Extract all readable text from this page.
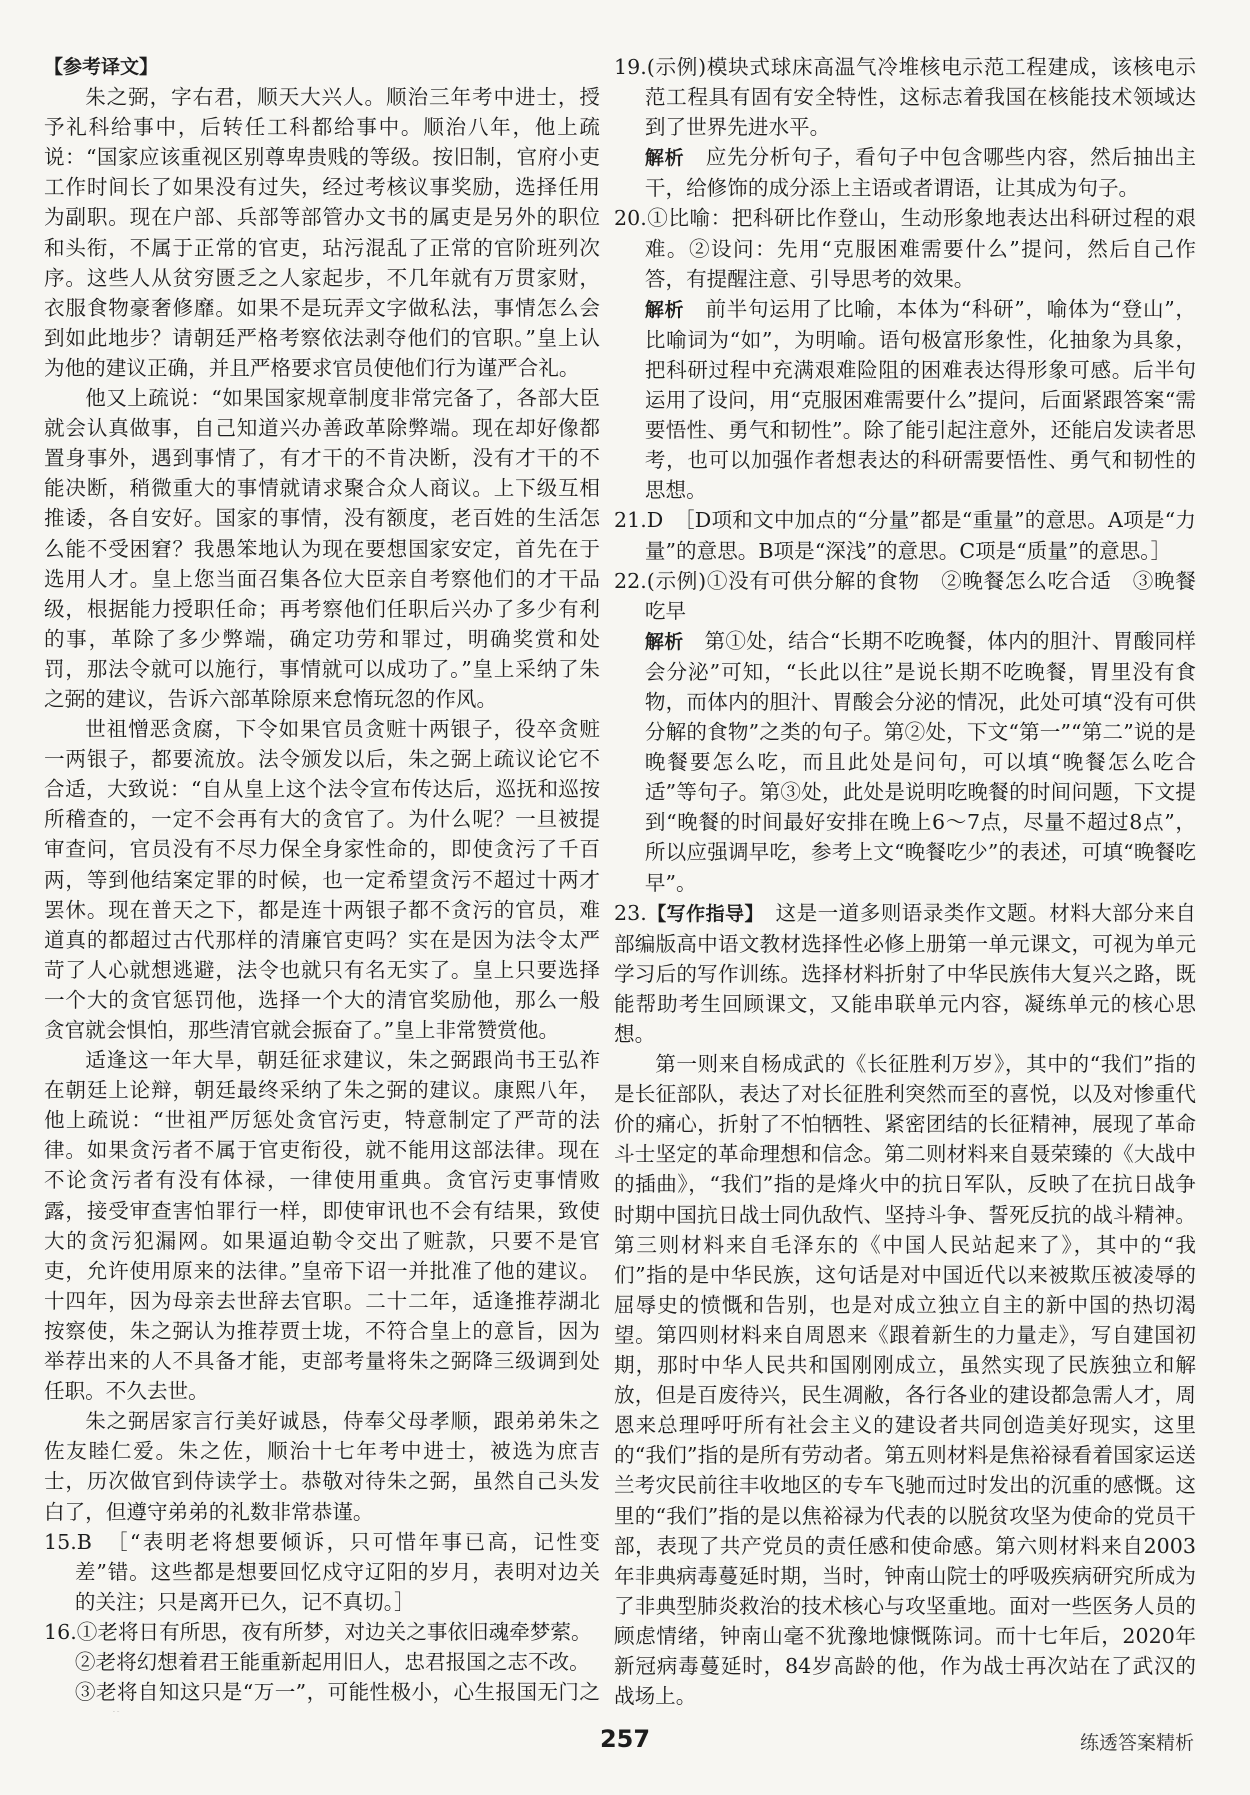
【参考译文】

朱之弼，字右君，顺天大兴人。顺治三年考中进士，授予礼科给事中，后转任工科都给事中。顺治八年，他上疏说：“国家应该重视区别尊卑贵贱的等级。按旧制，官府小吏工作时间长了如果没有过失，经过考核议事奖励，选择任用为副职。现在户部、兵部等部管办文书的属吏是另外的职位和头衔，不属于正常的官吏，玷污混乱了正常的官阶班列次序。这些人从贫穷匮乏之人家起步，不几年就有万贯家财，衣服食物豪奢修靡。如果不是玩弄文字做私法，事情怎么会到如此地步？请朝廷严格考察依法剥夺他们的官职。”皇上认为他的建议正确，并且严格要求官员使他们行为谨严合礼。

他又上疏说：“如果国家规章制度非常完备了，各部大臣就会认真做事，自己知道兴办善政革除弊端。现在却好像都置身事外，遇到事情了，有才干的不肯决断，没有才干的不能决断，稍微重大的事情就请求聚合众人商议。上下级互相推诿，各自安好。国家的事情，没有额度，老百姓的生活怎么能不受困窘？我愚笨地认为现在要想国家安定，首先在于选用人才。皇上您当面召集各位大臣亲自考察他们的才干品级，根据能力授职任命；再考察他们任职后兴办了多少有利的事，革除了多少弊端，确定功劳和罪过，明确奖赏和处罚，那法令就可以施行，事情就可以成功了。”皇上采纳了朱之弼的建议，告诉六部革除原来怠惰玩忽的作风。

世祖憎恶贪腐，下令如果官员贪赃十两银子，役卒贪赃一两银子，都要流放。法令颁发以后，朱之弼上疏议论它不合适，大致说：“自从皇上这个法令宣布传达后，巡抚和巡按所稽查的，一定不会再有大的贪官了。为什么呢？一旦被提审查问，官员没有不尽力保全身家性命的，即使贪污了千百两，等到他结案定罪的时候，也一定希望贪污不超过十两才罢休。现在普天之下，都是连十两银子都不贪污的官员，难道真的都超过古代那样的清廉官吏吗？实在是因为法令太严苛了人心就想逃避，法令也就只有名无实了。皇上只要选择一个大的贪官惩罚他，选择一个大的清官奖励他，那么一般贪官就会惧怕，那些清官就会振奋了。”皇上非常赞赏他。

适逢这一年大旱，朝廷征求建议，朱之弼跟尚书王弘祚在朝廷上论辩，朝廷最终采纳了朱之弼的建议。康熙八年，他上疏说：“世祖严厉惩处贪官污吏，特意制定了严苛的法律。如果贪污者不属于官吏衔役，就不能用这部法律。现在不论贪污者有没有体禄，一律使用重典。贪官污吏事情败露，接受审查害怕罪行一样，即使审讯也不会有结果，致使大的贪污犯漏网。如果逼迫勒令交出了赃款，只要不是官吏，允许使用原来的法律。”皇帝下诏一并批准了他的建议。十四年，因为母亲去世辞去官职。二十二年，适逢推荐湖北按察使，朱之弼认为推荐贾士垅，不符合皇上的意旨，因为举荐出来的人不具备才能，吏部考量将朱之弼降三级调到处任职。不久去世。

朱之弼居家言行美好诚恳，侍奉父母孝顺，跟弟弟朱之佐友睦仁爱。朱之佐，顺治十七年考中进士，被选为庶吉士，历次做官到侍读学士。恭敬对待朱之弼，虽然自己头发白了，但遵守弟弟的礼数非常恭谨。

15.B　［“表明老将想要倾诉，只可惜年事已高，记性变差”错。这些都是想要回忆戍守辽阳的岁月，表明对边关的关注；只是离开已久，记不真切。］

16.①老将日有所思，夜有所梦，对边关之事依旧魂牵梦萦。

②老将幻想着君王能重新起用旧人，忠君报国之志不改。

③老将自知这只是“万一”，可能性极小，心生报国无门之

19.(示例)模块式球床高温气冷堆核电示范工程建成，该核电示范工程具有固有安全特性，这标志着我国在核能技术领域达到了世界先进水平。

解析　 应先分析句子，看句子中包含哪些内容，然后抽出主干，给修饰的成分添上主语或者谓语，让其成为句子。

20.①比喻：把科研比作登山，生动形象地表达出科研过程的艰难。②设问：先用“克服困难需要什么”提问，然后自己作答，有提醒注意、引导思考的效果。

解析　 前半句运用了比喻，本体为“科研”，喻体为“登山”，比喻词为“如”，为明喻。语句极富形象性，化抽象为具象，把科研过程中充满艰难险阻的困难表达得形象可感。后半句运用了设问，用“克服困难需要什么”提问，后面紧跟答案“需要悟性、勇气和韧性”。除了能引起注意外，还能启发读者思考，也可以加强作者想表达的科研需要悟性、勇气和韧性的思想。

21.D　［D项和文中加点的“分量”都是“重量”的意思。A项是“力量”的意思。B项是“深浅”的意思。C项是“质量”的意思。］

22.(示例)①没有可供分解的食物　②晚餐怎么吃合适　③晚餐吃早

解析　 第①处，结合“长期不吃晚餐，体内的胆汁、胃酸同样会分泌”可知，“长此以往”是说长期不吃晚餐，胃里没有食物，而体内的胆汁、胃酸会分泌的情况，此处可填“没有可供分解的食物”之类的句子。第②处，下文“第一”“第二”说的是晚餐要怎么吃，而且此处是问句，可以填“晚餐怎么吃合适”等句子。第③处，此处是说明吃晚餐的时间问题，下文提到“晚餐的时间最好安排在晚上6～7点，尽量不超过8点”，所以应强调早吃，参考上文“晚餐吃少”的表述，可填“晚餐吃早”。

23.【写作指导】　 这是一道多则语录类作文题。材料大部分来自部编版高中语文教材选择性必修上册第一单元课文，可视为单元学习后的写作训练。选择材料折射了中华民族伟大复兴之路，既能帮助考生回顾课文，又能串联单元内容，凝练单元的核心思想。

第一则来自杨成武的《长征胜利万岁》，其中的“我们”指的是长征部队，表达了对长征胜利突然而至的喜悦，以及对惨重代价的痛心，折射了不怕牺牲、紧密团结的长征精神，展现了革命斗士坚定的革命理想和信念。第二则材料来自聂荣臻的《大战中的插曲》，“我们”指的是烽火中的抗日军队，反映了在抗日战争时期中国抗日战士同仇敌忾、坚持斗争、誓死反抗的战斗精神。第三则材料来自毛泽东的《中国人民站起来了》，其中的“我们”指的是中华民族，这句话是对中国近代以来被欺压被凌辱的屈辱史的愤慨和告别，也是对成立独立自主的新中国的热切渴望。第四则材料来自周恩来《跟着新生的力量走》，写自建国初期，那时中华人民共和国刚刚成立，虽然实现了民族独立和解放，但是百废待兴，民生凋敝，各行各业的建设都急需人才，周恩来总理呼吁所有社会主义的建设者共同创造美好现实，这里的“我们”指的是所有劳动者。第五则材料是焦裕禄看着国家运送兰考灾民前往丰收地区的专车飞驰而过时发出的沉重的感慨。这里的“我们”指的是以焦裕禄为代表的以脱贫攻坚为使命的党员干部，表现了共产党员的责任感和使命感。第六则材料来自2003年非典病毒蔓延时期，当时，钟南山院士的呼吸疾病研究所成为了非典型肺炎救治的技术核心与攻坚重地。面对一些医务人员的顾虑情绪，钟南山毫不犹豫地慷慨陈词。而十七年后，2020年新冠病毒蔓延时，84岁高龄的他，作为战士再次站在了武汉的战场上。

257	练透答案精析
